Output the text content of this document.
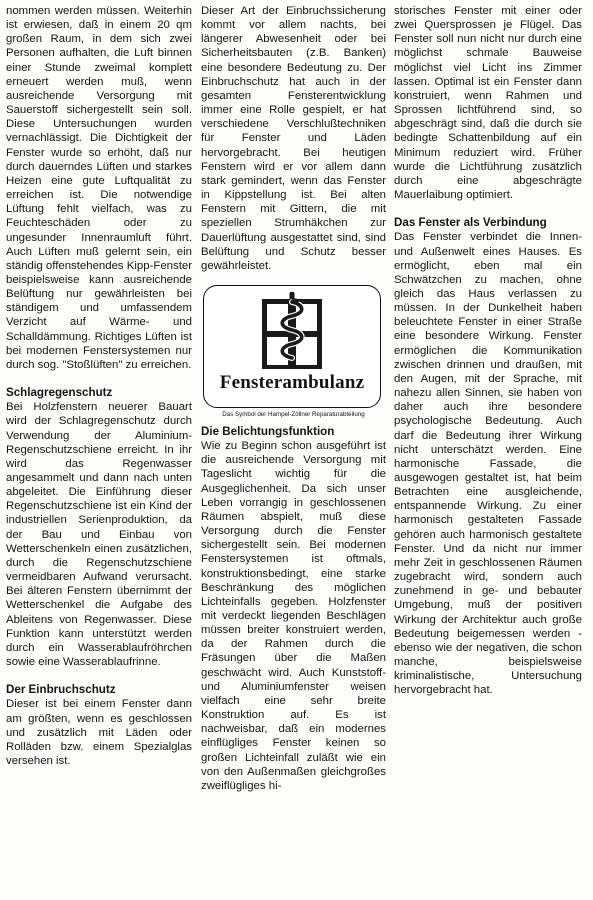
nommen werden müssen. Weiterhin ist erwiesen, daß in einem 20 qm großen Raum, in dem sich zwei Personen aufhalten, die Luft binnen einer Stunde zweimal komplett erneuert werden muß, wenn ausreichende Versorgung mit Sauerstoff sichergestellt sein soll. Diese Untersuchungen wurden vernachlässigt. Die Dichtigkeit der Fenster wurde so erhöht, daß nur durch dauerndes Lüften und starkes Heizen eine gute Luftqualität zu erreichen ist. Die notwendige Lüftung fehlt vielfach, was zu Feuchteschäden oder zu ungesunder Innenraumluft führt. Auch Lüften muß gelernt sein, ein ständig offenstehendes Kipp-Fenster beispielsweise kann ausreichende Belüftung nur gewährleisten bei ständigem und umfassendem Verzicht auf Wärme- und Schalldämmung. Richtiges Lüften ist bei modernen Fenstersystemen nur durch sog. "Stoßlüften" zu erreichen.

Schlagregenschutz

Bei Holzfenstern neuerer Bauart wird der Schlagregenschutz durch Verwendung der Aluminium-Regenschutzschiene erreicht. In ihr wird das Regenwasser angesammelt und dann nach unten abgeleitet. Die Einführung dieser Regenschutzschiene ist ein Kind der industriellen Serienproduktion, da der Bau und Einbau von Wetterschenkeln einen zusätzlichen, durch die Regenschutzschiene vermeidbaren Aufwand verursacht. Bei älteren Fenstern übernimmt der Wetterschenkel die Aufgabe des Ableitens von Regenwasser. Diese Funktion kann unterstützt werden durch ein Wasserablaufröhrchen sowie eine Wasserablaufrinne.

Der Einbruchschutz

Dieser ist bei einem Fenster dann am größten, wenn es geschlossen und zusätzlich mit Läden oder Rolläden bzw. einem Spezialglas versehen ist.

Dieser Art der Einbruchssicherung kommt vor allem nachts, bei längerer Abwesenheit oder bei Sicherheitsbauten (z.B. Banken) eine besondere Bedeutung zu. Der Einbruchschutz hat auch in der gesamten Fensterentwicklung immer eine Rolle gespielt, er hat verschiedene Verschlußtechniken für Fenster und Läden hervorgebracht. Bei heutigen Fenstern wird er vor allem dann stark gemindert, wenn das Fenster in Kippstellung ist. Bei alten Fenstern mit Gittern, die mit speziellen Strumhäkchen zur Dauerlüftung ausgestattet sind, sind Belüftung und Schutz besser gewährleistet.

Fensterambulanz
Das Symbol der Hampel-Zöllner Reparaturabteilung
Die Belichtungsfunktion

Wie zu Beginn schon ausgeführt ist die ausreichende Versorgung mit Tageslicht wichtig für die Ausgeglichenheit. Da sich unser Leben vorrangig in geschlossenen Räumen abspielt, muß diese Versorgung durch die Fenster sichergestellt sein. Bei modernen Fenstersystemen ist oftmals, konstruktionsbedingt, eine starke Beschränkung des möglichen Lichteinfalls gegeben. Holzfenster mit verdeckt liegenden Beschlägen müssen breiter konstruiert werden, da der Rahmen durch die Fräsungen über die Maßen geschwächt wird. Auch Kunststoff- und Aluminiumfenster weisen vielfach eine sehr breite Konstruktion auf. Es ist nachweisbar, daß ein modernes einflügliges Fenster keinen so großen Lichteinfall zuläßt wie ein von den Außenmaßen gleichgroßes zweiflügliges hi-

storisches Fenster mit einer oder zwei Quersprossen je Flügel. Das Fenster soll nun nicht nur durch eine möglichst schmale Bauweise möglichst viel Licht ins Zimmer lassen. Optimal ist ein Fenster dann konstruiert, wenn Rahmen und Sprossen lichtführend sind, so abgeschrägt sind, daß die durch sie bedingte Schattenbildung auf ein Minimum reduziert wird. Früher wurde die Lichtführung zusätzlich durch eine abgeschrägte Mauerlaibung optimiert.

Das Fenster als Verbindung

Das Fenster verbindet die Innen- und Außenwelt eines Hauses. Es ermöglicht, eben mal ein Schwätzchen zu machen, ohne gleich das Haus verlassen zu müssen. In der Dunkelheit haben beleuchtete Fenster in einer Straße eine besondere Wirkung. Fenster ermöglichen die Kommunikation zwischen drinnen und draußen, mit den Augen, mit der Sprache, mit nahezu allen Sinnen, sie haben von daher auch ihre besondere psychologische Bedeutung. Auch darf die Bedeutung ihrer Wirkung nicht unterschätzt werden. Eine harmonische Fassade, die ausgewogen gestaltet ist, hat beim Betrachten eine ausgleichende, entspannende Wirkung. Zu einer harmonisch gestalteten Fassade gehören auch harmonisch gestaltete Fenster. Und da nicht nur immer mehr Zeit in geschlossenen Räumen zugebracht wird, sondern auch zunehmend in ge- und bebauter Umgebung, muß der positiven Wirkung der Architektur auch große Bedeutung beigemessen werden - ebenso wie der negativen, die schon manche, beispielsweise kriminalistische, Untersuchung hervorgebracht hat.
